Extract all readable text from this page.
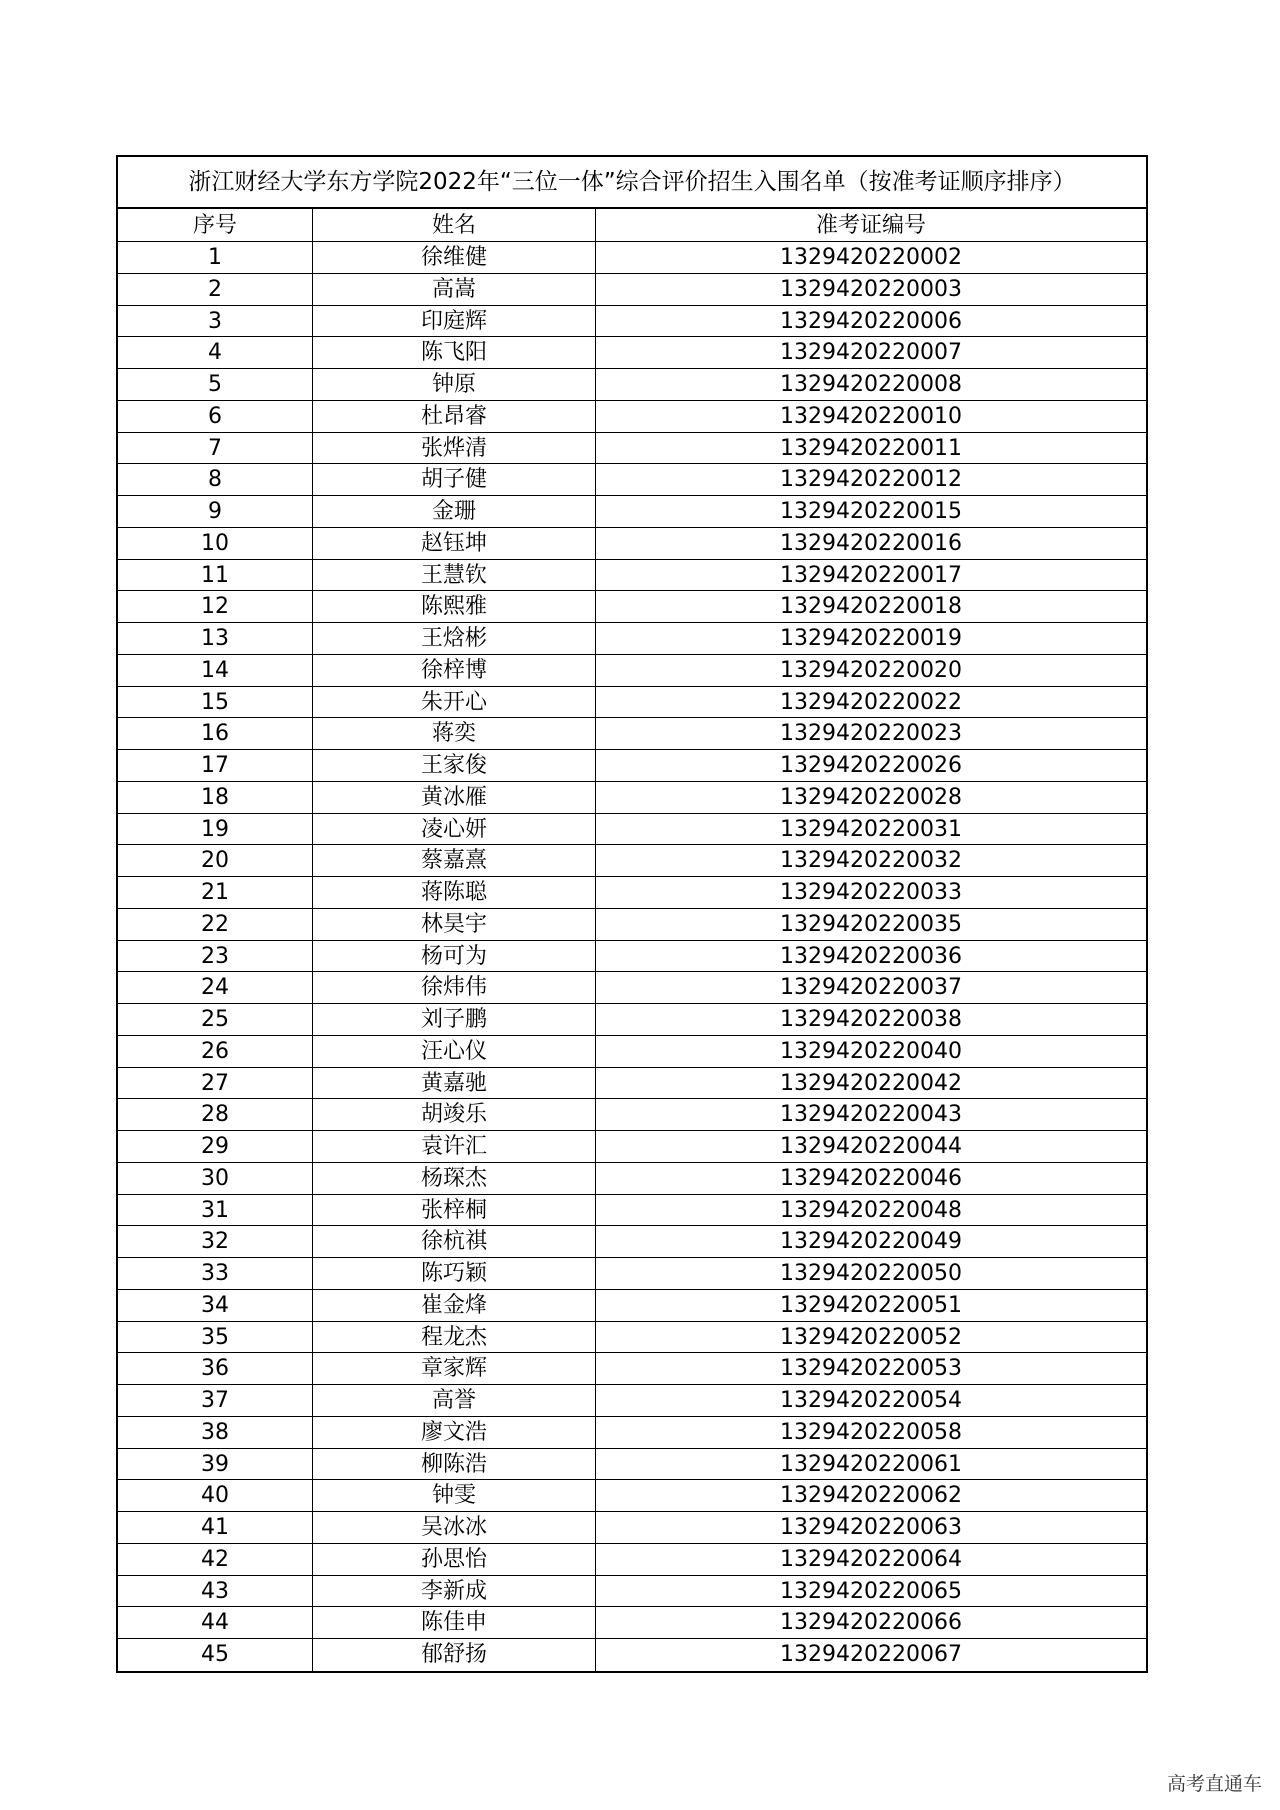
浙江财经大学东方学院2022年“三位一体”综合评价招生入围名单（按准考证顺序排序）
序号	姓名	准考证编号
1	徐维健	1329420220002
2	高嵩	1329420220003
3	印庭辉	1329420220006
4	陈飞阳	1329420220007
5	钟原	1329420220008
6	杜昂睿	1329420220010
7	张烨清	1329420220011
8	胡子健	1329420220012
9	金珊	1329420220015
10	赵钰坤	1329420220016
11	王慧钦	1329420220017
12	陈熙雅	1329420220018
13	王焓彬	1329420220019
14	徐梓博	1329420220020
15	朱开心	1329420220022
16	蒋奕	1329420220023
17	王家俊	1329420220026
18	黄冰雁	1329420220028
19	凌心妍	1329420220031
20	蔡嘉熹	1329420220032
21	蒋陈聪	1329420220033
22	林昊宇	1329420220035
23	杨可为	1329420220036
24	徐炜伟	1329420220037
25	刘子鹏	1329420220038
26	汪心仪	1329420220040
27	黄嘉驰	1329420220042
28	胡竣乐	1329420220043
29	袁许汇	1329420220044
30	杨琛杰	1329420220046
31	张梓桐	1329420220048
32	徐杭祺	1329420220049
33	陈巧颖	1329420220050
34	崔金烽	1329420220051
35	程龙杰	1329420220052
36	章家辉	1329420220053
37	高誉	1329420220054
38	廖文浩	1329420220058
39	柳陈浩	1329420220061
40	钟雯	1329420220062
41	吴冰冰	1329420220063
42	孙思怡	1329420220064
43	李新成	1329420220065
44	陈佳申	1329420220066
45	郁舒扬	1329420220067
高考直通车
